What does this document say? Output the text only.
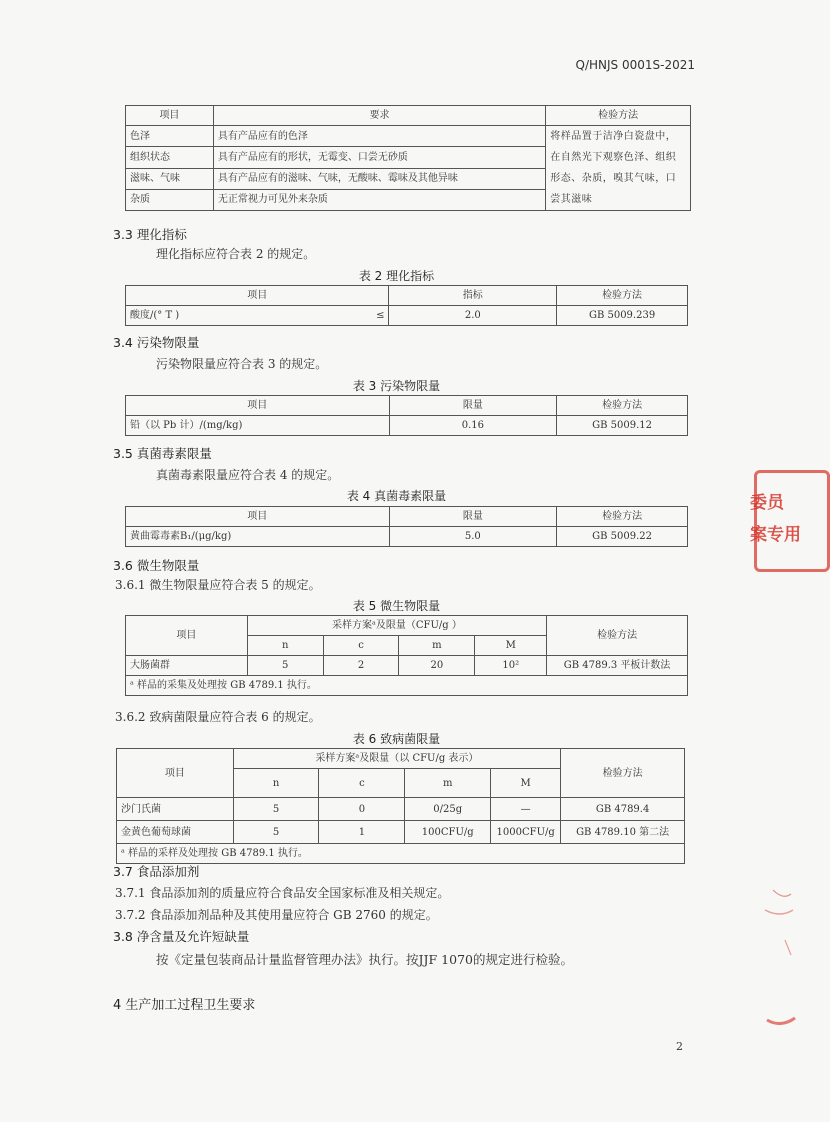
Q/HNJS 0001S-2021
项目	要求	检验方法
色泽	具有产品应有的色泽	将样品置于洁净白瓷盘中，在自然光下观察色泽、组织形态、杂质，嗅其气味，口尝其滋味
组织状态	具有产品应有的形状，无霉变、口尝无砂质	
滋味、气味	具有产品应有的滋味、气味，无酸味、霉味及其他异味	
杂质	无正常视力可见外来杂质	
3.3 理化指标
理化指标应符合表 2 的规定。
表 2 理化指标
项目	指标	检验方法
酸度/(° T ) ≤	2.0	GB 5009.239
3.4 污染物限量
污染物限量应符合表 3 的规定。
表 3 污染物限量
项目	限量	检验方法
铅（以 Pb 计）/(mg/kg)	0.16	GB 5009.12
3.5 真菌毒素限量
真菌毒素限量应符合表 4 的规定。
表 4 真菌毒素限量
项目	限量	检验方法
黄曲霉毒素B₁/(μg/kg)	5.0	GB 5009.22
3.6 微生物限量
3.6.1 微生物限量应符合表 5 的规定。
表 5 微生物限量
项目	采样方案ᵃ及限量（CFU/g ）				检验方法
	n	c	m	M	
大肠菌群	5	2	20	10²	GB 4789.3 平板计数法
ᵃ 样品的采集及处理按 GB 4789.1 执行。					
3.6.2 致病菌限量应符合表 6 的规定。
表 6 致病菌限量
项目	采样方案ᵃ及限量（以 CFU/g 表示）				检验方法
	n	c	m	M	
沙门氏菌	5	0	0/25g	—	GB 4789.4
金黄色葡萄球菌	5	1	100CFU/g	1000CFU/g	GB 4789.10 第二法
ᵃ 样品的采样及处理按 GB 4789.1 执行。					
3.7 食品添加剂
3.7.1 食品添加剂的质量应符合食品安全国家标准及相关规定。
3.7.2 食品添加剂品种及其使用量应符合 GB 2760 的规定。
3.8 净含量及允许短缺量
按《定量包装商品计量监督管理办法》执行。按JJF 1070的规定进行检验。
4 生产加工过程卫生要求
2
委员
案专用
